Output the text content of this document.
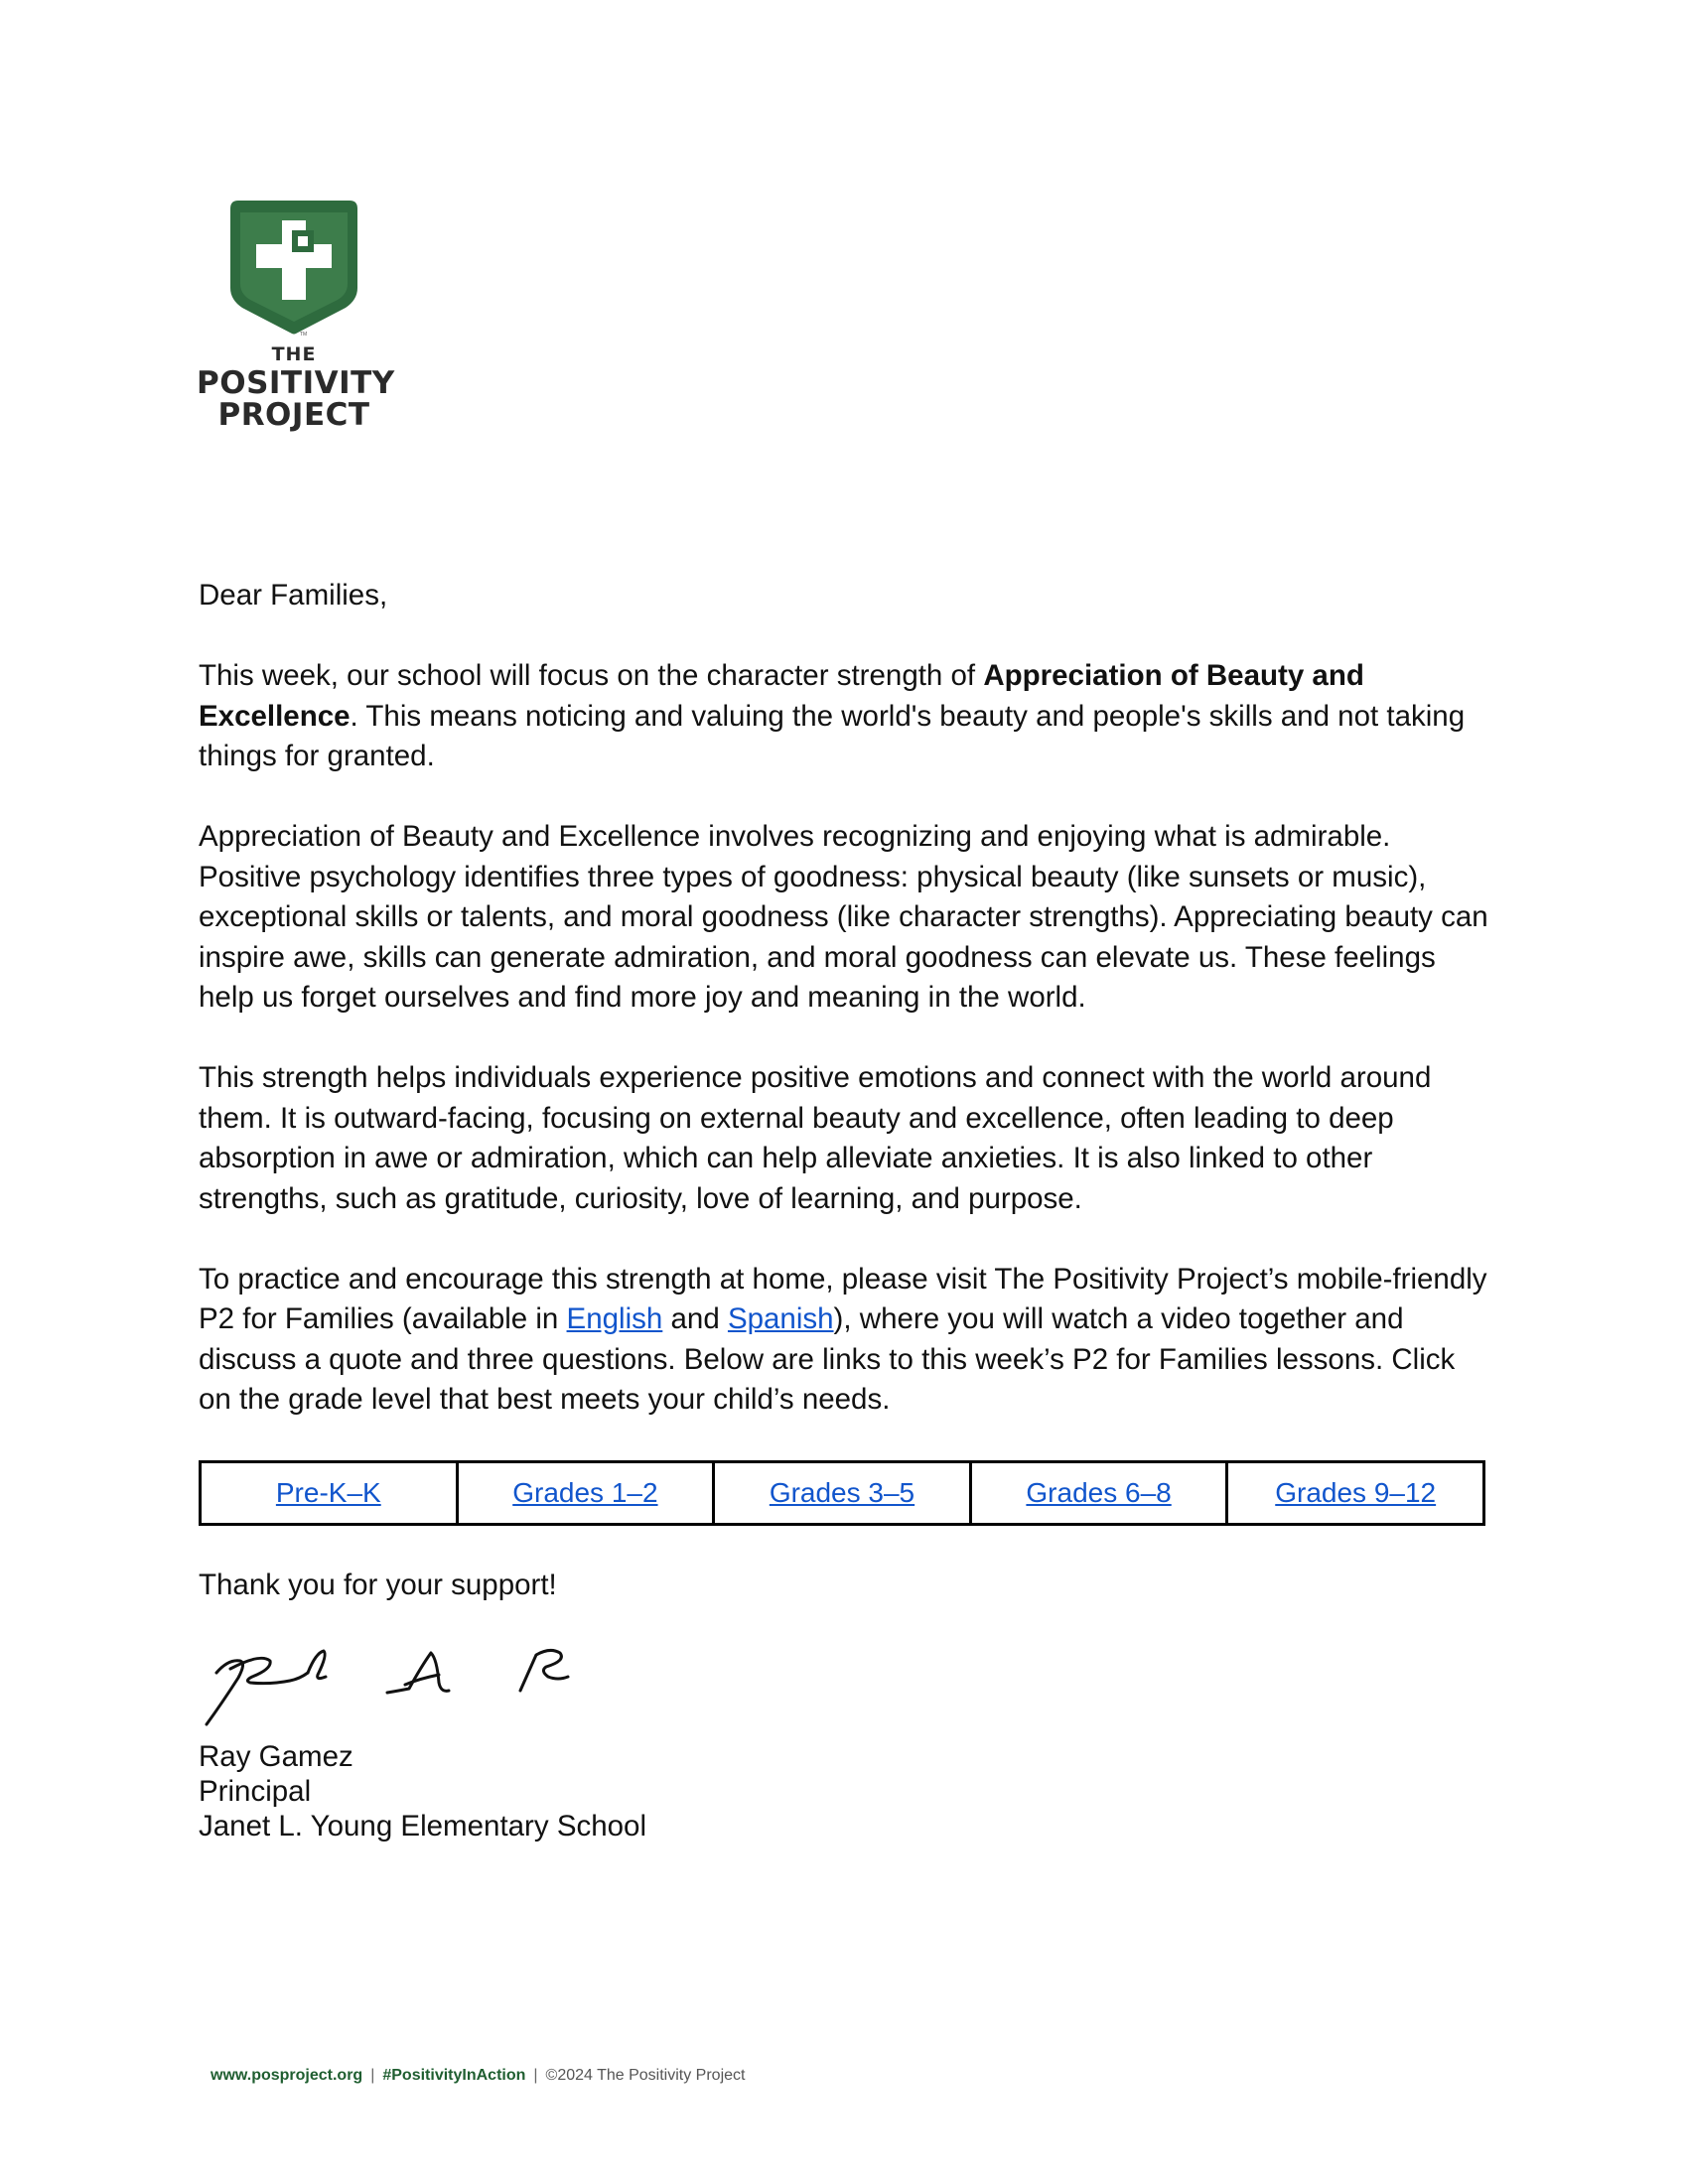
THE
POSITIVITY
PROJECT
TM

Dear Families,

This week, our school will focus on the character strength of Appreciation of Beauty and Excellence. This means noticing and valuing the world's beauty and people's skills and not taking things for granted.

Appreciation of Beauty and Excellence involves recognizing and enjoying what is admirable. Positive psychology identifies three types of goodness: physical beauty (like sunsets or music), exceptional skills or talents, and moral goodness (like character strengths). Appreciating beauty can inspire awe, skills can generate admiration, and moral goodness can elevate us. These feelings help us forget ourselves and find more joy and meaning in the world.

This strength helps individuals experience positive emotions and connect with the world around them. It is outward-facing, focusing on external beauty and excellence, often leading to deep absorption in awe or admiration, which can help alleviate anxieties. It is also linked to other strengths, such as gratitude, curiosity, love of learning, and purpose.

To practice and encourage this strength at home, please visit The Positivity Project’s mobile-friendly P2 for Families (available in English and Spanish), where you will watch a video together and discuss a quote and three questions. Below are links to this week’s P2 for Families lessons. Click on the grade level that best meets your child’s needs.

Pre-K–K	Grades 1–2	Grades 3–5	Grades 6–8	Grades 9–12
Thank you for your support!
Ray Gamez
Principal
Janet L. Young Elementary School
www.posproject.org | #PositivityInAction | ©2024 The Positivity Project
